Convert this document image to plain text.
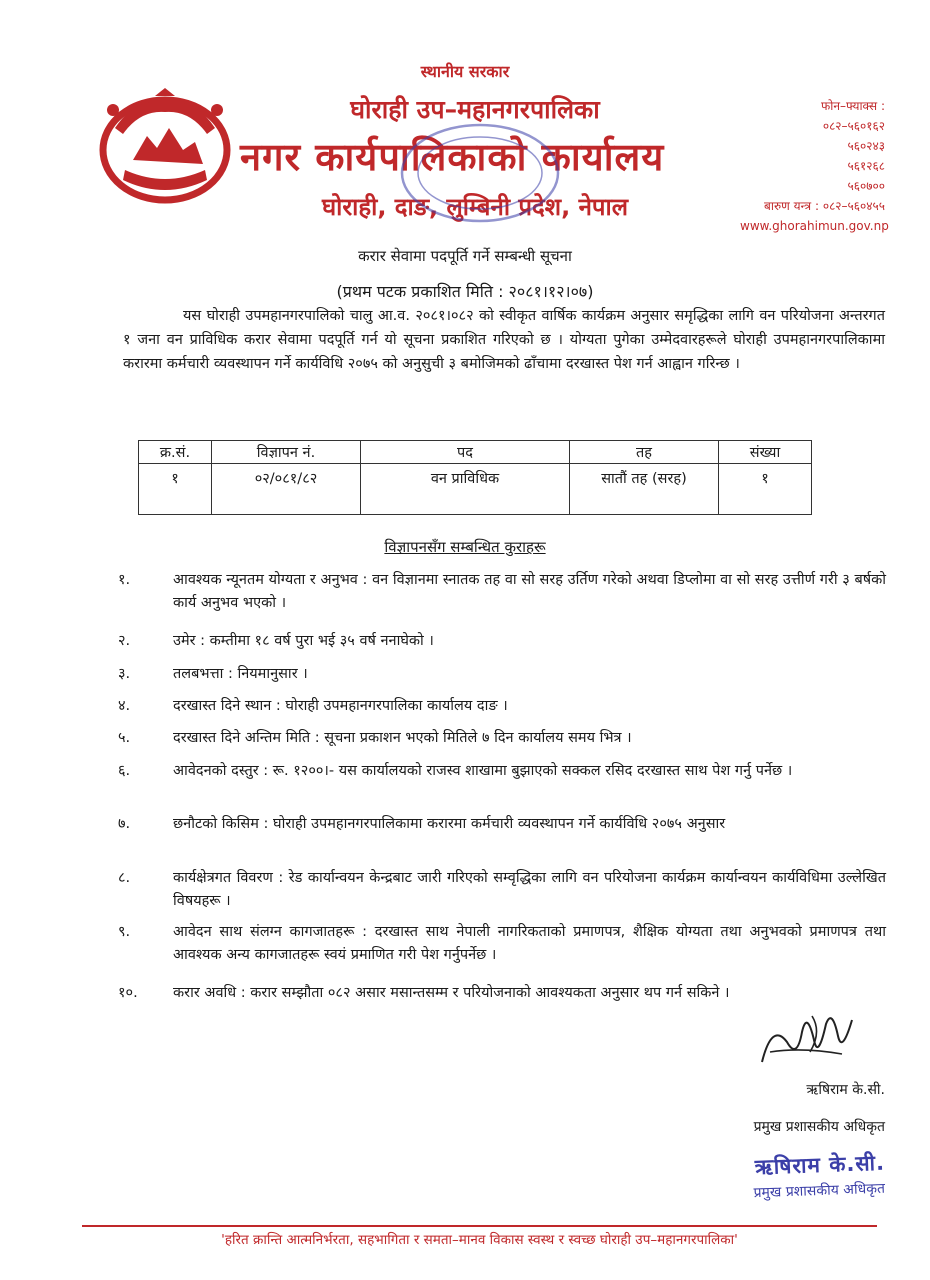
स्थानीय सरकार
घोराही उप–महानगरपालिका
नगर कार्यपालिकाको कार्यालय
घोराही, दाङ, लुम्बिनी प्रदेश, नेपाल
फोन–फ्याक्स :
०८२–५६०१६२
५६०२४३
५६१२६८
५६०७००
बारुण यन्त्र : ०८२–५६०४५५
www.ghorahimun.gov.np
करार सेवामा पदपूर्ति गर्ने सम्बन्धी सूचना
(प्रथम पटक प्रकाशित मिति : २०८१।१२।०७)
यस घोराही उपमहानगरपालिको चालु आ.व. २०८१।०८२ को स्वीकृत वार्षिक कार्यक्रम अनुसार समृद्धिका लागि वन परियोजना अन्तरगत १ जना वन प्राविधिक करार सेवामा पदपूर्ति गर्न यो सूचना प्रकाशित गरिएको छ । योग्यता पुगेका उम्मेदवारहरूले घोराही उपमहानगरपालिकामा करारमा कर्मचारी व्यवस्थापन गर्ने कार्यविधि २०७५ को अनुसुची ३ बमोजिमको ढाँचामा दरखास्त पेश गर्न आह्वान गरिन्छ ।
क्र.सं.	विज्ञापन नं.	पद	तह	संख्या
१	०२/०८१/८२	वन प्राविधिक	सातौं तह (सरह)	१
विज्ञापनसँग सम्बन्धित कुराहरू
१.	आवश्यक न्यूनतम योग्यता र अनुभव : वन विज्ञानमा स्नातक तह वा सो सरह उर्तिण गरेको अथवा डिप्लोमा वा सो सरह उत्तीर्ण गरी ३ बर्षको कार्य अनुभव भएको ।
२.	उमेर : कम्तीमा १८ वर्ष पुरा भई ३५ वर्ष ननाघेको ।
३.	तलबभत्ता : नियमानुसार ।
४.	दरखास्त दिने स्थान : घोराही उपमहानगरपालिका कार्यालय दाङ ।
५.	दरखास्त दिने अन्तिम मिति : सूचना प्रकाशन भएको मितिले ७ दिन कार्यालय समय भित्र ।
६.	आवेदनको दस्तुर : रू. १२००।- यस कार्यालयको राजस्व शाखामा बुझाएको सक्कल रसिद दरखास्त साथ पेश गर्नु पर्नेछ ।
७.	छनौटको किसिम : घोराही उपमहानगरपालिकामा करारमा कर्मचारी व्यवस्थापन गर्ने कार्यविधि २०७५ अनुसार
८.	कार्यक्षेत्रगत विवरण : रेड कार्यान्वयन केन्द्रबाट जारी गरिएको सम्वृद्धिका लागि वन परियोजना कार्यक्रम कार्यान्वयन कार्यविधिमा उल्लेखित विषयहरू ।
९.	आवेदन साथ संलग्न कागजातहरू : दरखास्त साथ नेपाली नागरिकताको प्रमाणपत्र, शैक्षिक योग्यता तथा अनुभवको प्रमाणपत्र तथा आवश्यक अन्य कागजातहरू स्वयं प्रमाणित गरी पेश गर्नुपर्नेछ ।
१०.	करार अवधि : करार सम्झौता ०८२ असार मसान्तसम्म र परियोजनाको आवश्यकता अनुसार थप गर्न सकिने ।
ऋषिराम के.सी.
प्रमुख प्रशासकीय अधिकृत
ऋषिराम के.सी.
प्रमुख प्रशासकीय अधिकृत
'हरित क्रान्ति आत्मनिर्भरता, सहभागिता र समता–मानव विकास स्वस्थ र स्वच्छ घोराही उप–महानगरपालिका'
